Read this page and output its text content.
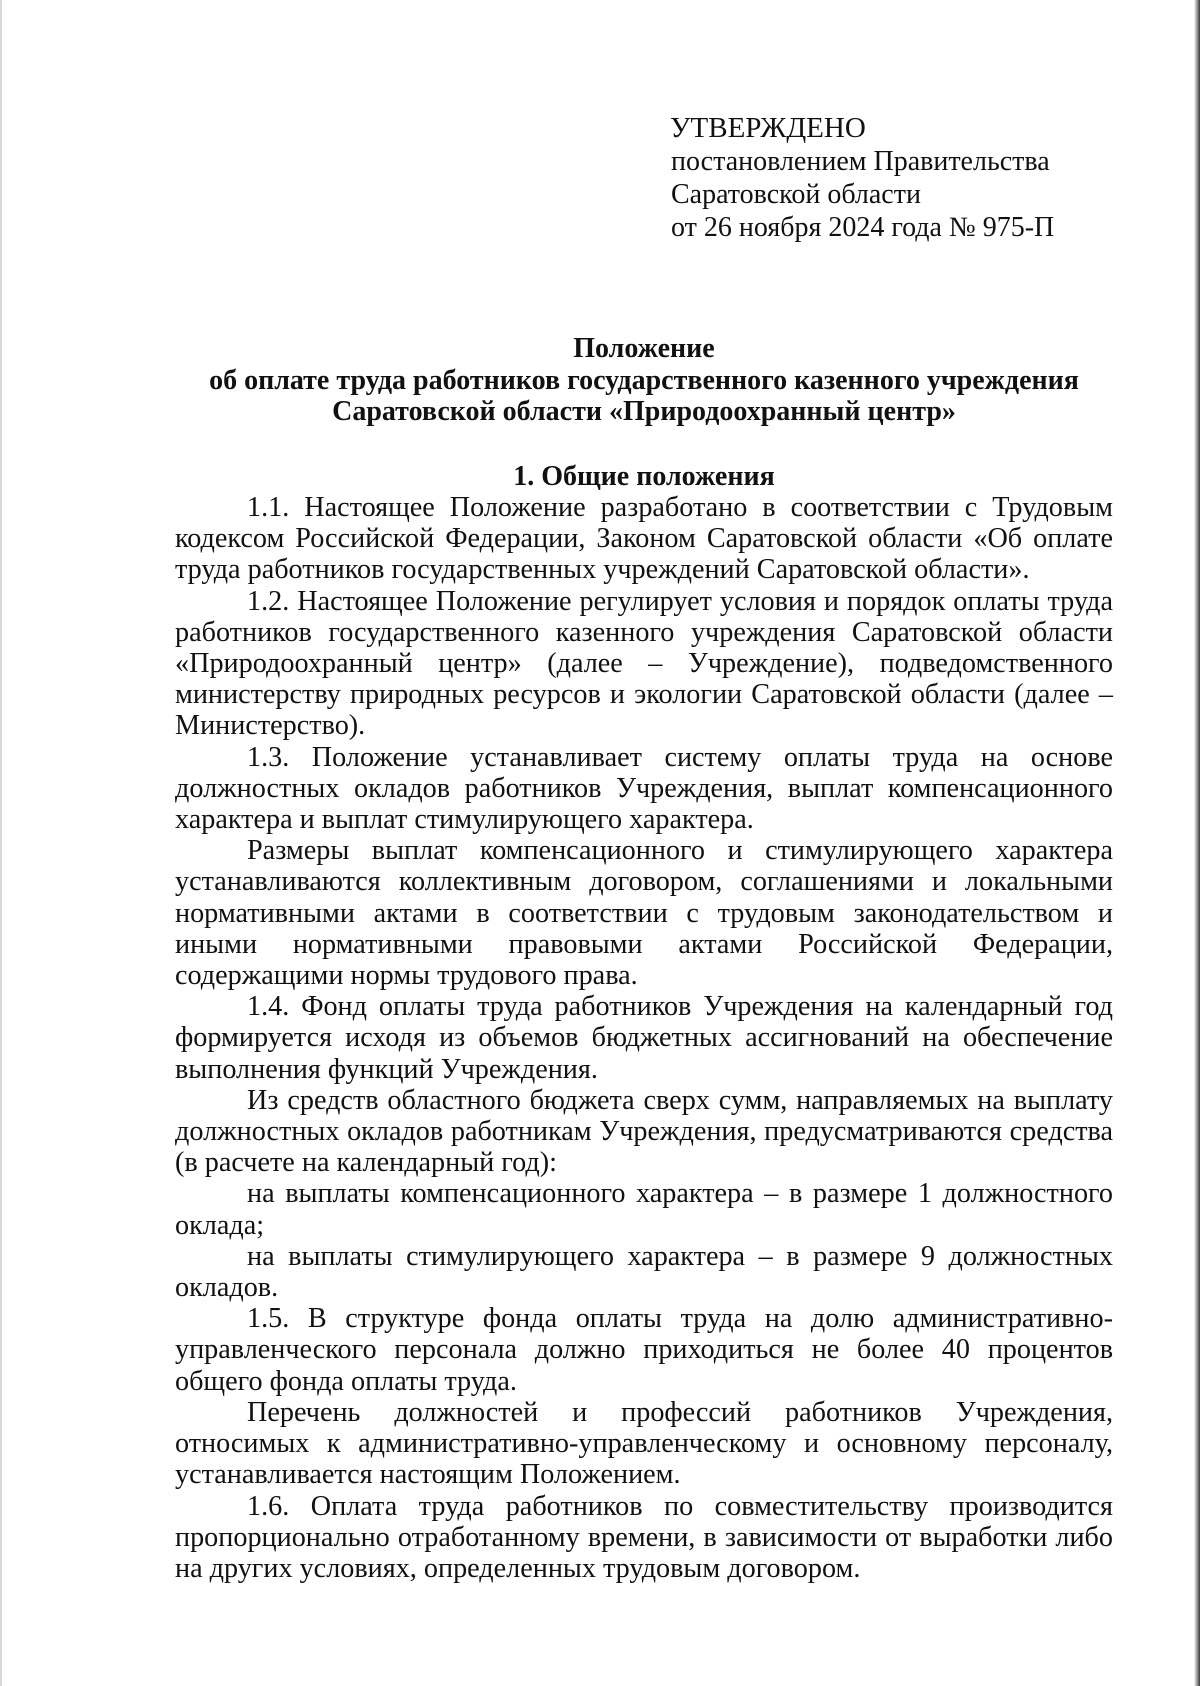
УТВЕРЖДЕНО
постановлением Правительства
Саратовской области
от 26 ноября 2024 года № 975-П
Положение
об оплате труда работников государственного казенного учреждения
Саратовской области «Природоохранный центр»
1. Общие положения

1.1. Настоящее Положение разработано в соответствии с Трудовым кодексом Российской Федерации, Законом Саратовской области «Об оплате труда работников государственных учреждений Саратовской области».

1.2. Настоящее Положение регулирует условия и порядок оплаты труда работников государственного казенного учреждения Саратовской области «Природоохранный центр» (далее – Учреждение), подведомственного министерству природных ресурсов и экологии Саратовской области (далее – Министерство).

1.3. Положение устанавливает систему оплаты труда на основе должностных окладов работников Учреждения, выплат компенсационного характера и выплат стимулирующего характера.

Размеры выплат компенсационного и стимулирующего характера устанавливаются коллективным договором, соглашениями и локальными нормативными актами в соответствии с трудовым законодательством и иными нормативными правовыми актами Российской Федерации, содержащими нормы трудового права.

1.4. Фонд оплаты труда работников Учреждения на календарный год формируется исходя из объемов бюджетных ассигнований на обеспечение выполнения функций Учреждения.

Из средств областного бюджета сверх сумм, направляемых на выплату должностных окладов работникам Учреждения, предусматриваются средства (в расчете на календарный год):

на выплаты компенсационного характера – в размере 1 должностного оклада;

на выплаты стимулирующего характера – в размере 9 должностных окладов.

1.5. В структуре фонда оплаты труда на долю административно-управленческого персонала должно приходиться не более 40 процентов общего фонда оплаты труда.

Перечень должностей и профессий работников Учреждения, относимых к административно-управленческому и основному персоналу, устанавливается настоящим Положением.

1.6. Оплата труда работников по совместительству производится пропорционально отработанному времени, в зависимости от выработки либо на других условиях, определенных трудовым договором.
